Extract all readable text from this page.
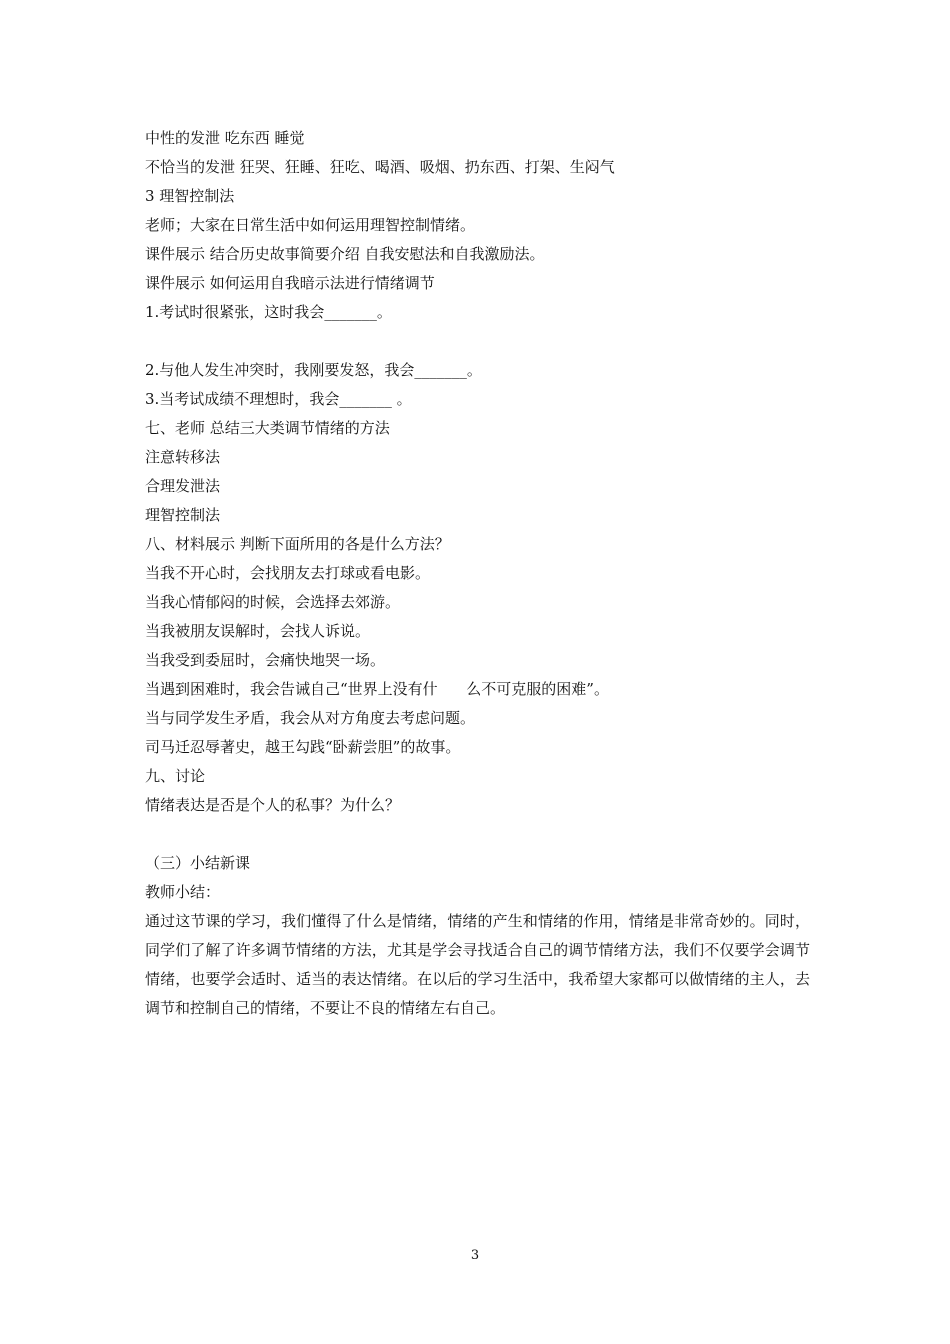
中性的发泄 吃东西 睡觉
不恰当的发泄 狂哭、狂睡、狂吃、喝酒、吸烟、扔东西、打架、生闷气
3 理智控制法
老师；大家在日常生活中如何运用理智控制情绪。
课件展示 结合历史故事简要介绍 自我安慰法和自我激励法。
课件展示 如何运用自我暗示法进行情绪调节
1.考试时很紧张，这时我会_______。
2.与他人发生冲突时，我刚要发怒，我会_______。
3.当考试成绩不理想时，我会_______ 。
七、老师 总结三大类调节情绪的方法
注意转移法
合理发泄法
理智控制法
八、材料展示 判断下面所用的各是什么方法？
当我不开心时，会找朋友去打球或看电影。
当我心情郁闷的时候，会选择去郊游。
当我被朋友误解时，会找人诉说。
当我受到委屈时，会痛快地哭一场。
当遇到困难时，我会告诫自己“世界上没有什      么不可克服的困难”。
当与同学发生矛盾，我会从对方角度去考虑问题。
司马迁忍辱著史，越王勾践“卧薪尝胆”的故事。
九、讨论
情绪表达是否是个人的私事？为什么？
（三）小结新课
教师小结：
通过这节课的学习，我们懂得了什么是情绪，情绪的产生和情绪的作用，情绪是非常奇妙的。同时，同学们了解了许多调节情绪的方法，尤其是学会寻找适合自己的调节情绪方法，我们不仅要学会调节情绪，也要学会适时、适当的表达情绪。在以后的学习生活中，我希望大家都可以做情绪的主人，去调节和控制自己的情绪，不要让不良的情绪左右自己。
3
